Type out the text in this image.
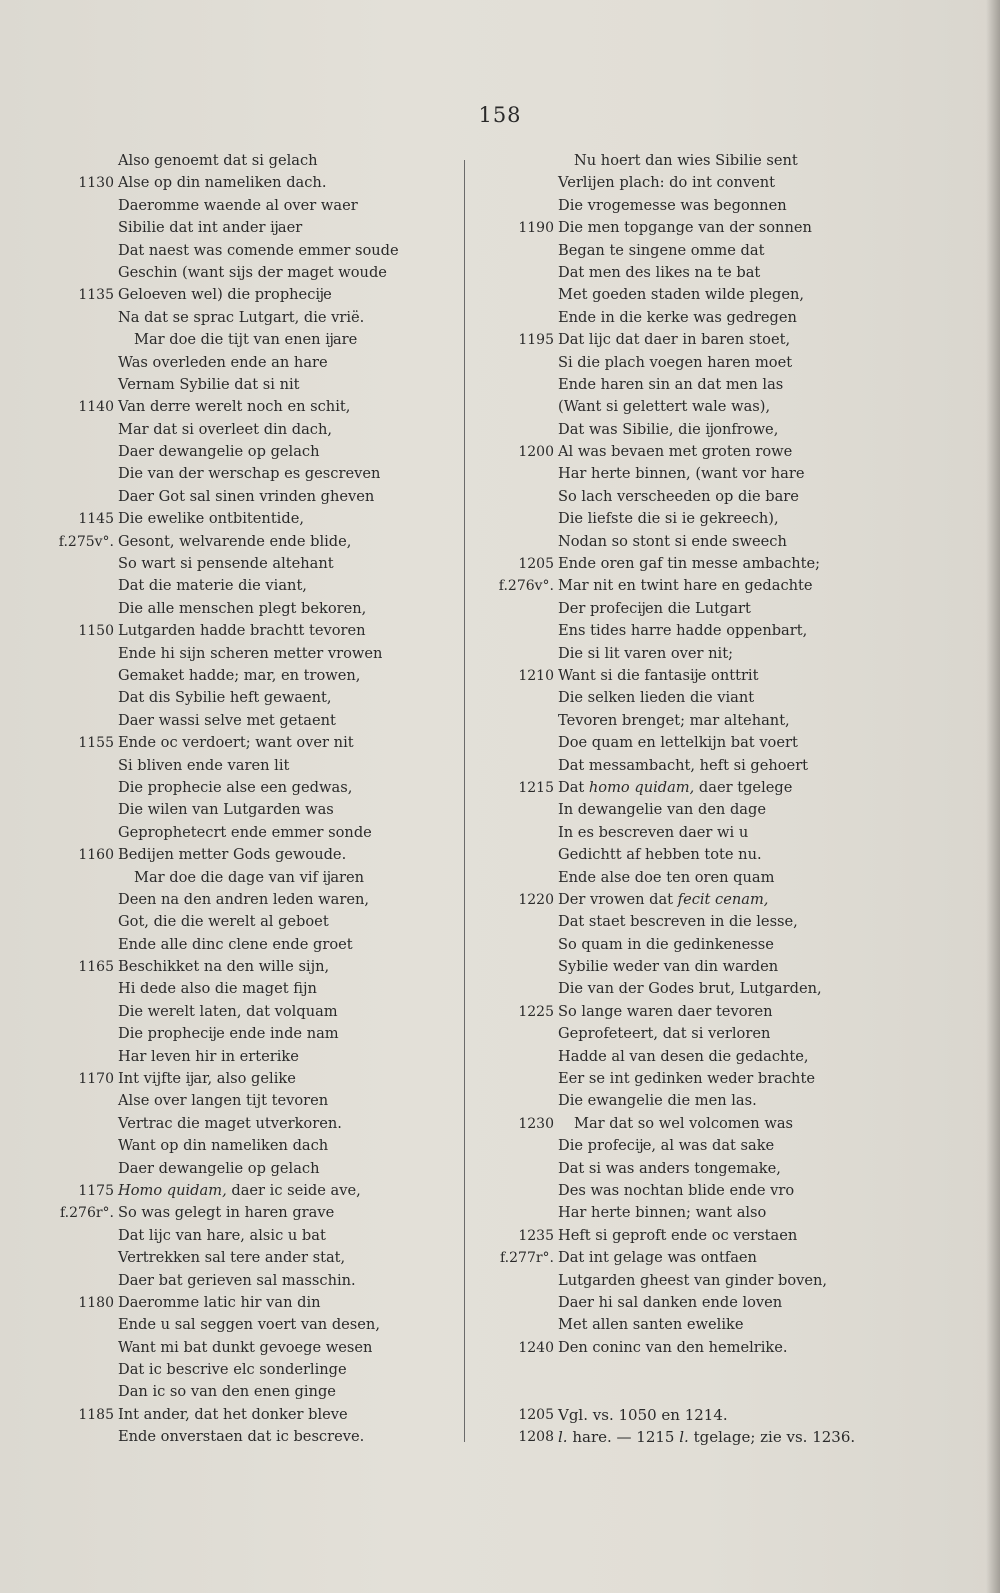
158
Also genoemt dat si gelach
1130 Alse op din nameliken dach.
Daeromme waende al over waer
Sibilie dat int ander ĳaer
Dat naest was comende emmer soude
Geschin (want sijs der maget woude
1135 Geloeven wel) die prophecĳe
Na dat se sprac Lutgart, die vrië.
Mar doe die tijt van enen ĳare
Was overleden ende an hare
Vernam Sybilie dat si nit
1140 Van derre werelt noch en schit,
Mar dat si overleet din dach,
Daer dewangelie op gelach
Die van der werschap es gescreven
Daer Got sal sinen vrinden gheven
1145 Die ewelike ontbitentide,
f.275v°. Gesont, welvarende ende blide,
So wart si pensende altehant
Dat die materie die viant,
Die alle menschen plegt bekoren,
1150 Lutgarden hadde brachtt tevoren
Ende hi sijn scheren metter vrowen
Gemaket hadde; mar, en trowen,
Dat dis Sybilie heft gewaent,
Daer wassi selve met getaent
1155 Ende oc verdoert; want over nit
Si bliven ende varen lit
Die prophecie alse een gedwas,
Die wilen van Lutgarden was
Geprophetecrt ende emmer sonde
1160 Bedijen metter Gods gewoude.
Mar doe die dage van vif ĳaren
Deen na den andren leden waren,
Got, die die werelt al geboet
Ende alle dinc clene ende groet
1165 Beschikket na den wille sijn,
Hi dede also die maget fijn
Die werelt laten, dat volquam
Die prophecĳe ende inde nam
Har leven hir in erterike
1170 Int vijfte ĳar, also gelike
Alse over langen tijt tevoren
Vertrac die maget utverkoren.
Want op din nameliken dach
Daer dewangelie op gelach
1175 Homo quidam, daer ic seide ave,
f.276r°. So was gelegt in haren grave
Dat lijc van hare, alsic u bat
Vertrekken sal tere ander stat,
Daer bat gerieven sal masschin.
1180 Daeromme latic hir van din
Ende u sal seggen voert van desen,
Want mi bat dunkt gevoege wesen
Dat ic bescrive elc sonderlinge
Dan ic so van den enen ginge
1185 Int ander, dat het donker bleve
Ende onverstaen dat ic bescreve.
Nu hoert dan wies Sibilie sent
Verlijen plach: do int convent
Die vrogemesse was begonnen
1190 Die men topgange van der sonnen
Began te singene omme dat
Dat men des likes na te bat
Met goeden staden wilde plegen,
Ende in die kerke was gedregen
1195 Dat lijc dat daer in baren stoet,
Si die plach voegen haren moet
Ende haren sin an dat men las
(Want si gelettert wale was),
Dat was Sibilie, die ĳonfrowe,
1200 Al was bevaen met groten rowe
Har herte binnen, (want vor hare
So lach verscheeden op die bare
Die liefste die si ie gekreech),
Nodan so stont si ende sweech
1205 Ende oren gaf tin messe ambachte;
f.276v°. Mar nit en twint hare en gedachte
Der profecĳen die Lutgart
Ens tides harre hadde oppenbart,
Die si lit varen over nit;
1210 Want si die fantasĳe onttrit
Die selken lieden die viant
Tevoren brenget; mar altehant,
Doe quam en lettelkijn bat voert
Dat messambacht, heft si gehoert
1215 Dat homo quidam, daer tgelege
In dewangelie van den dage
In es bescreven daer wi u
Gedichtt af hebben tote nu.
Ende alse doe ten oren quam
1220 Der vrowen dat fecit cenam,
Dat staet bescreven in die lesse,
So quam in die gedinkenesse
Sybilie weder van din warden
Die van der Godes brut, Lutgarden,
1225 So lange waren daer tevoren
Geprofeteert, dat si verloren
Hadde al van desen die gedachte,
Eer se int gedinken weder brachte
Die ewangelie die men las.
1230 Mar dat so wel volcomen was
Die profecĳe, al was dat sake
Dat si was anders tongemake,
Des was nochtan blide ende vro
Har herte binnen; want also
1235 Heft si geproft ende oc verstaen
f.277r°. Dat int gelage was ontfaen
Lutgarden gheest van ginder boven,
Daer hi sal danken ende loven
Met allen santen ewelike
1240 Den coninc van den hemelrike.
1205 Vgl. vs. 1050 en 1214.
1208 l. hare. — 1215 l. tgelage; zie vs. 1236.
